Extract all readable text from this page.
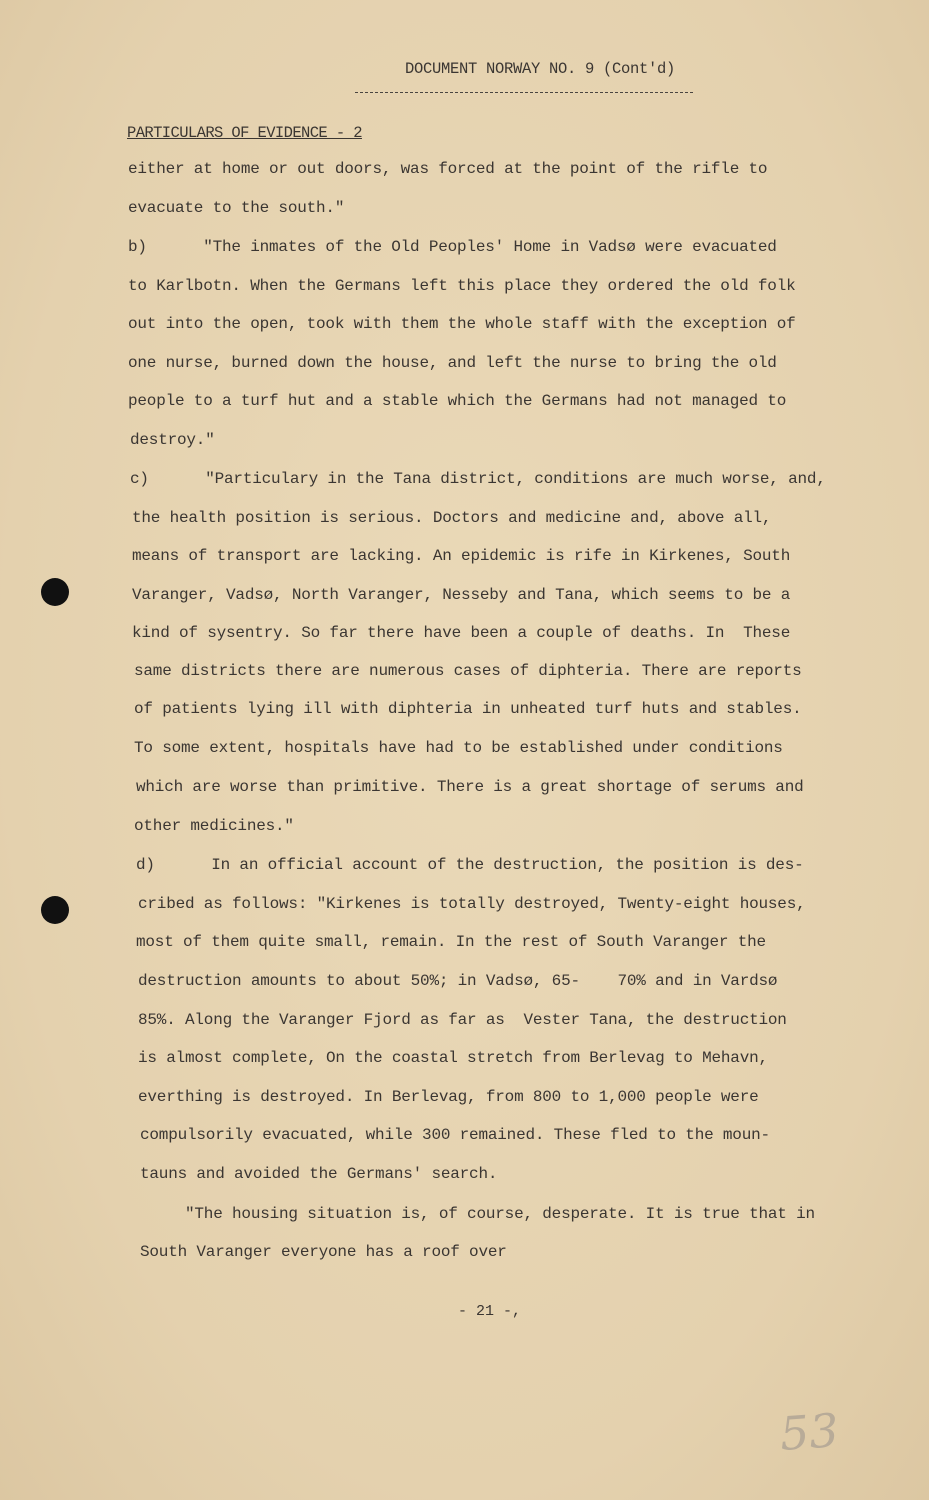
DOCUMENT NORWAY NO. 9 (Cont'd)
PARTICULARS OF EVIDENCE - 2
either at home or out doors, was forced at the point of the rifle to
evacuate to the south."
b)      "The inmates of the Old Peoples' Home in Vadsø were evacuated
to Karlbotn. When the Germans left this place they ordered the old folk
out into the open, took with them the whole staff with the exception of
one nurse, burned down the house, and left the nurse to bring the old
people to a turf hut and a stable which the Germans had not managed to
destroy."
c)      "Particulary in the Tana district, conditions are much worse, and,
the health position is serious. Doctors and medicine and, above all,
means of transport are lacking. An epidemic is rife in Kirkenes, South
Varanger, Vadsø, North Varanger, Nesseby and Tana, which seems to be a
kind of sysentry. So far there have been a couple of deaths. In  These
same districts there are numerous cases of diphteria. There are reports
of patients lying ill with diphteria in unheated turf huts and stables.
To some extent, hospitals have had to be established under conditions
which are worse than primitive. There is a great shortage of serums and
other medicines."
d)      In an official account of the destruction, the position is des-
cribed as follows: "Kirkenes is totally destroyed, Twenty-eight houses,
most of them quite small, remain. In the rest of South Varanger the
destruction amounts to about 50%; in Vadsø, 65-    70% and in Vardsø
85%. Along the Varanger Fjord as far as  Vester Tana, the destruction
is almost complete, On the coastal stretch from Berlevag to Mehavn,
everthing is destroyed. In Berlevag, from 800 to 1,000 people were
compulsorily evacuated, while 300 remained. These fled to the moun-
tauns and avoided the Germans' search.
"The housing situation is, of course, desperate. It is true that in
South Varanger everyone has a roof over
- 21 -,
53
